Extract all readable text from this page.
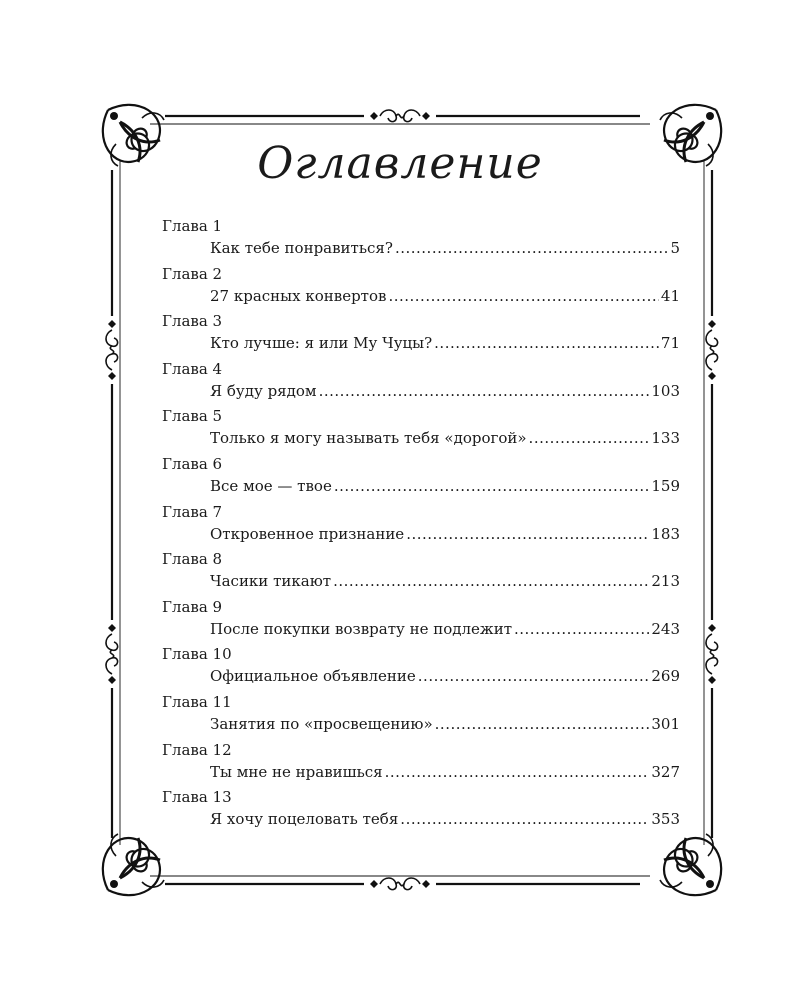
Оглавление
Глава 1
Как тебе понравиться? .....	5
Глава 2
27 красных конвертов .....	41
Глава 3
Кто лучше: я или Му Чуцы? .....	71
Глава 4
Я буду рядом .....	103
Глава 5
Только я могу называть тебя «дорогой» .....	133
Глава 6
Все мое — твое .....	159
Глава 7
Откровенное признание .....	183
Глава 8
Часики тикают .....	213
Глава 9
После покупки возврату не подлежит .....	243
Глава 10
Официальное объявление .....	269
Глава 11
Занятия по «просвещению» .....	301
Глава 12
Ты мне не нравишься .....	327
Глава 13
Я хочу поцеловать тебя .....	353
